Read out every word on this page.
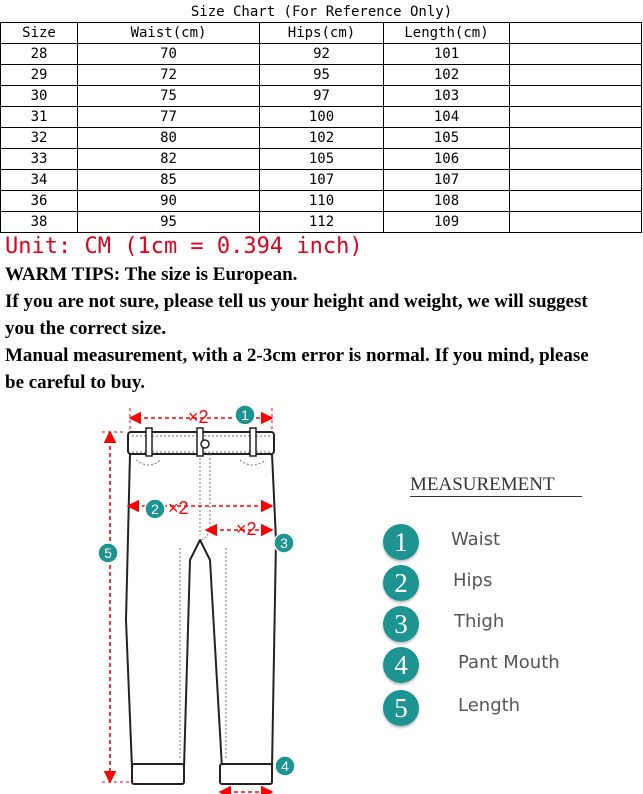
Size Chart (For Reference Only)
Size	Waist(cm)	Hips(cm)	Length(cm)	
28	70	92	101	
29	72	95	102	
30	75	97	103	
31	77	100	104	
32	80	102	105	
33	82	105	106	
34	85	107	107	
36	90	110	108	
38	95	112	109	
Unit: CM (1cm = 0.394 inch)
WARM TIPS: The size is European.
If you are not sure, please tell us your height and weight, we will suggest
you the correct size.
Manual measurement, with a 2-3cm error is normal. If you mind, please
be careful to buy.
×2
×2
×2
1
2
3
4
5
MEASUREMENT
1	Waist
2	Hips
3	Thigh
4	Pant Mouth
5	Length
